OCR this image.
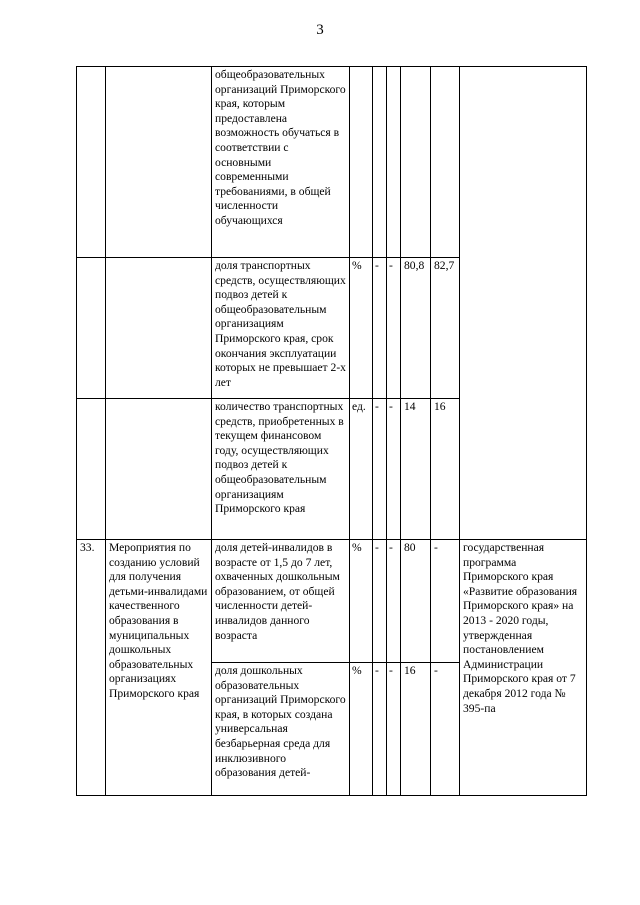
3
		общеобразовательных организаций Приморского края, которым предоставлена возможность обучаться в соответствии с основными современными требованиями, в общей численности обучающихся						
		доля транспортных средств, осуществляющих подвоз детей к общеобразовательным организациям Приморского края, срок окончания эксплуатации которых не превышает 2-х лет	%	-	-	80,8	82,7	
		количество транспортных средств, приобретенных в текущем финансовом году, осуществляющих подвоз детей к общеобразовательным организациям Приморского края	ед.	-	-	14	16	
33.	Мероприятия по созданию условий для получения детьми-инвалидами качественного образования в муниципальных дошкольных образовательных организациях Приморского края	доля детей-инвалидов в возрасте от 1,5 до 7 лет, охваченных дошкольным образованием, от общей численности детей-инвалидов данного возраста	%	-	-	80	-	государственная программа Приморского края «Развитие образования Приморского края» на 2013 - 2020 годы, утвержденная постановлением Администрации Приморского края от 7 декабря 2012 года № 395-па
		доля дошкольных образовательных организаций Приморского края, в которых создана универсальная безбарьерная среда для инклюзивного образования детей-	%	-	-	16	-	
